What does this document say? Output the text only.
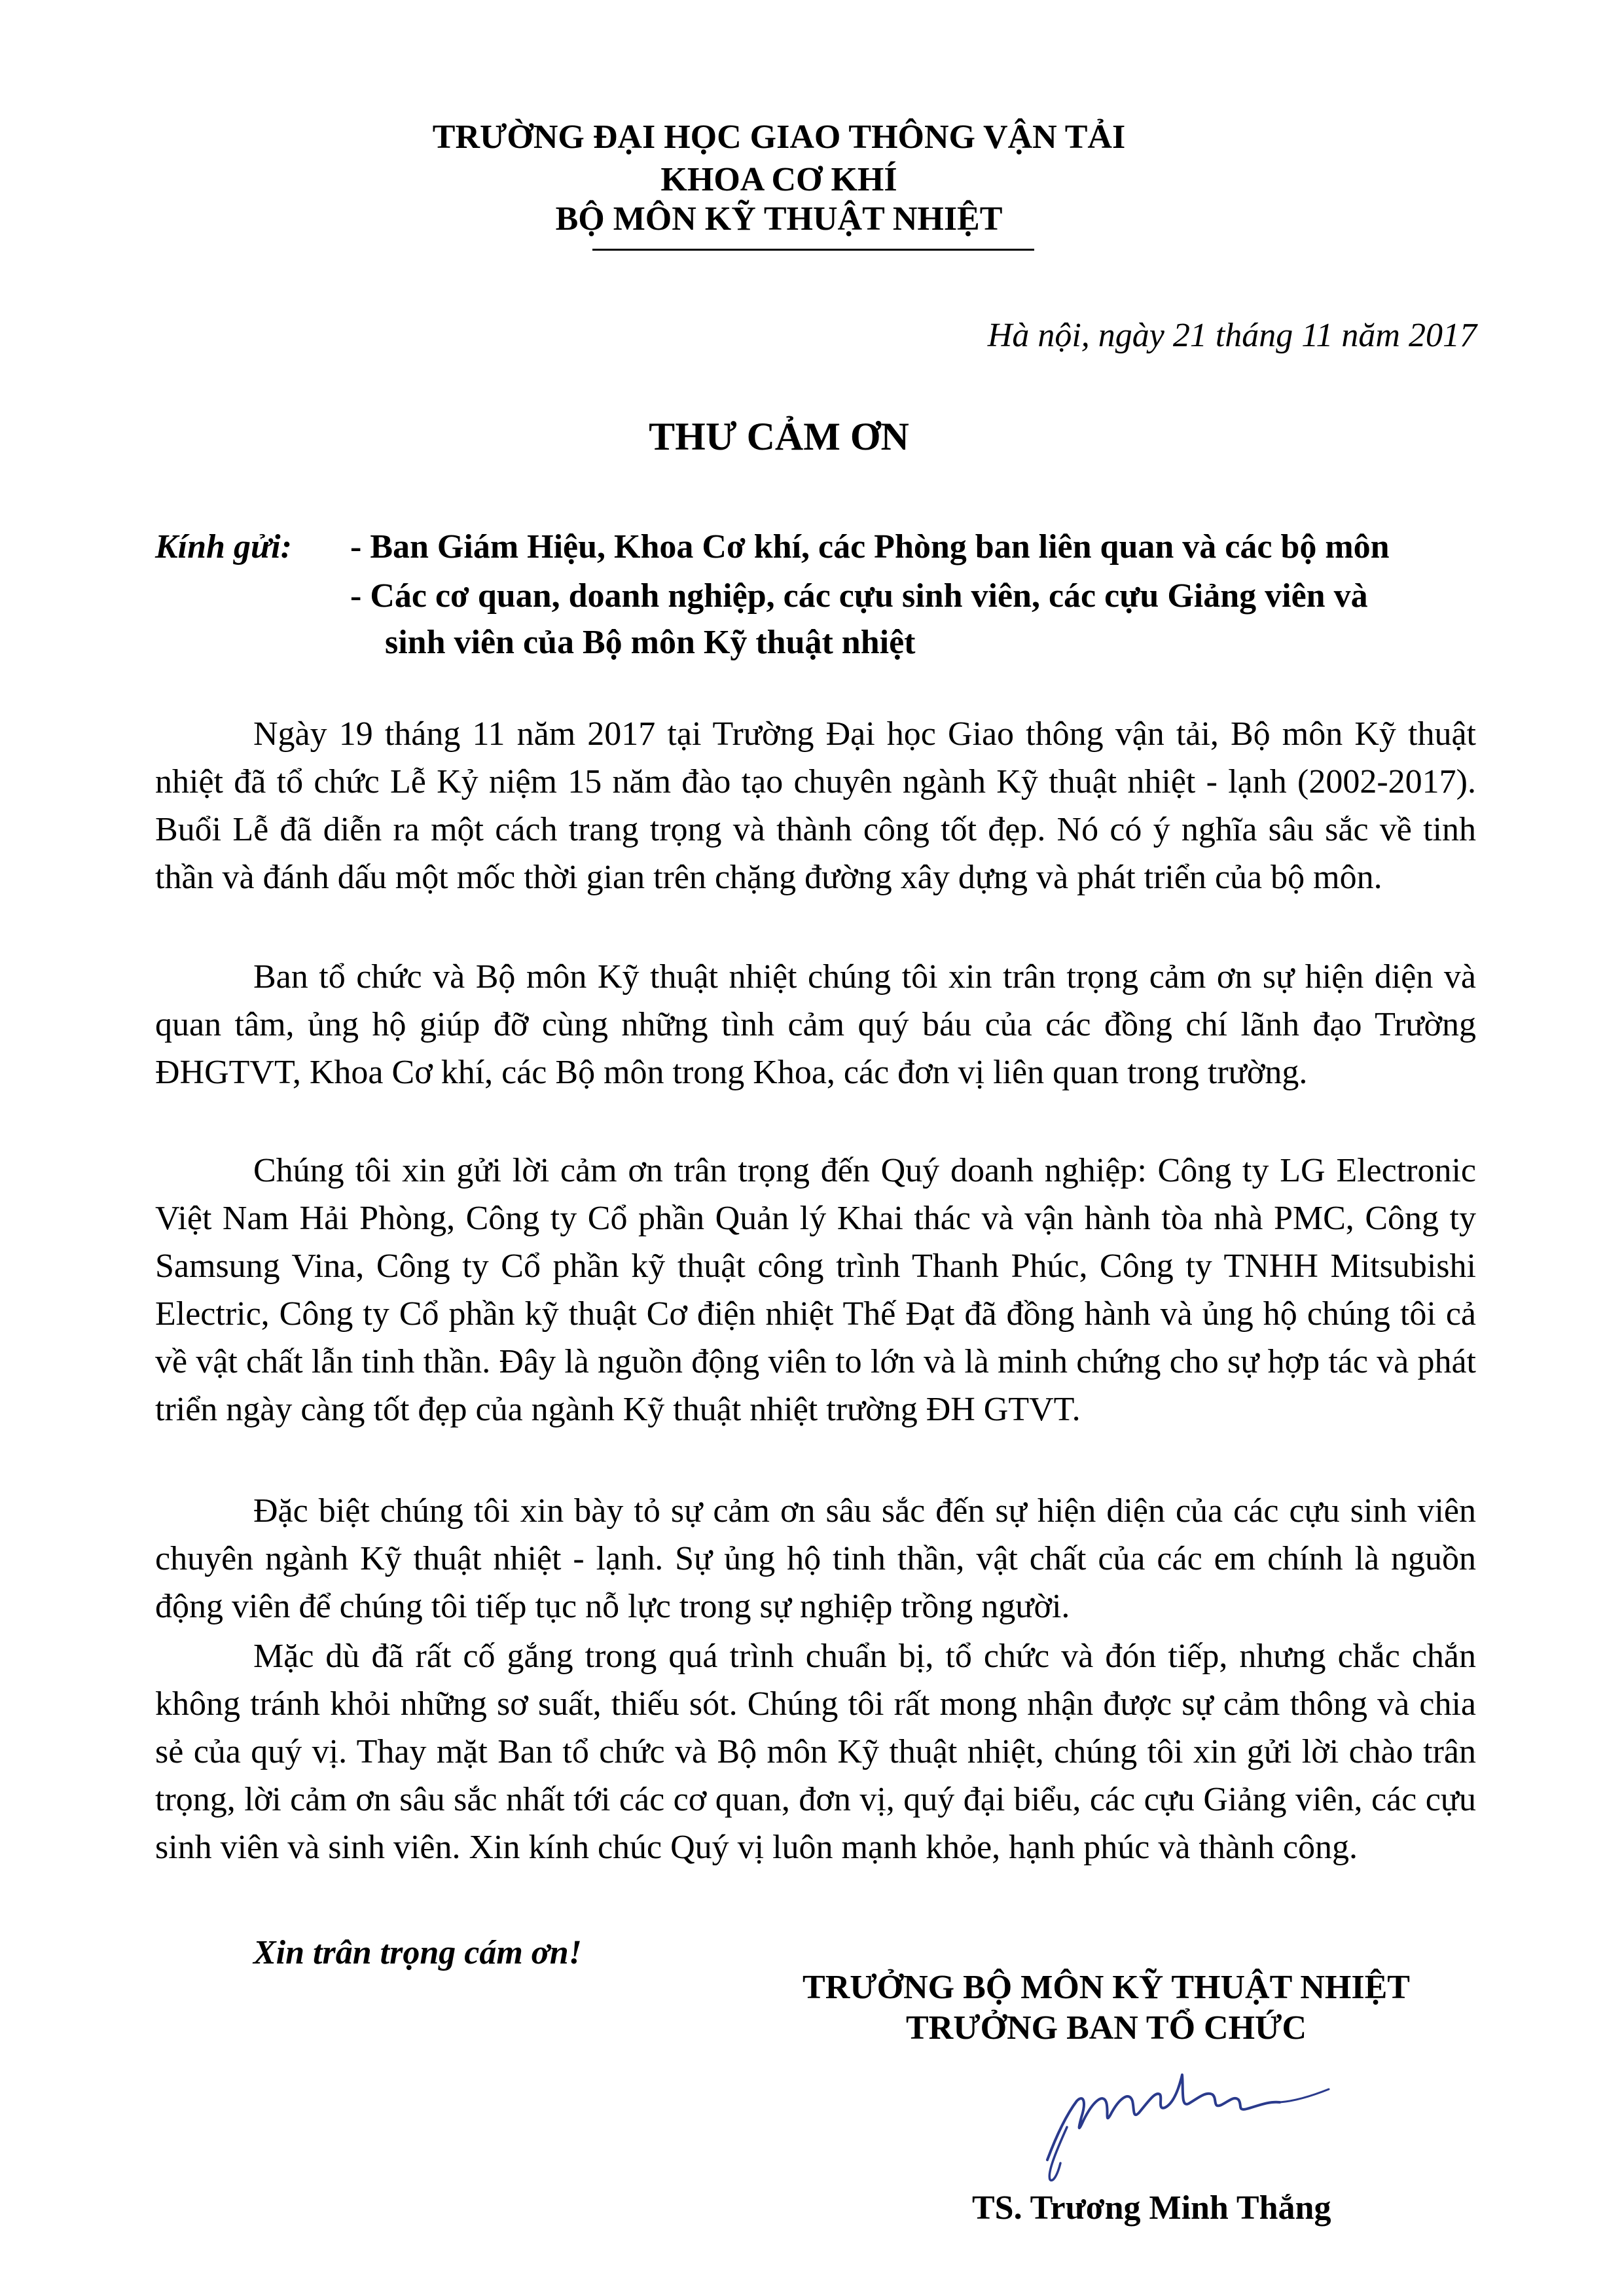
TRƯỜNG ĐẠI HỌC GIAO THÔNG VẬN TẢI
KHOA CƠ KHÍ
BỘ MÔN KỸ THUẬT NHIỆT
Hà nội, ngày 21 tháng 11 năm 2017
THƯ CẢM ƠN
Kính gửi: - Ban Giám Hiệu, Khoa Cơ khí, các Phòng ban liên quan và các bộ môn
- Các cơ quan, doanh nghiệp, các cựu sinh viên, các cựu Giảng viên và
sinh viên của Bộ môn Kỹ thuật nhiệt
Ngày 19 tháng 11 năm 2017 tại Trường Đại học Giao thông vận tải, Bộ môn Kỹ thuật nhiệt đã tổ chức Lễ Kỷ niệm 15 năm đào tạo chuyên ngành Kỹ thuật nhiệt - lạnh (2002-2017). Buổi Lễ đã diễn ra một cách trang trọng và thành công tốt đẹp. Nó có ý nghĩa sâu sắc về tinh thần và đánh dấu một mốc thời gian trên chặng đường xây dựng và phát triển của bộ môn.
Ban tổ chức và Bộ môn Kỹ thuật nhiệt chúng tôi xin trân trọng cảm ơn sự hiện diện và quan tâm, ủng hộ giúp đỡ cùng những tình cảm quý báu của các đồng chí lãnh đạo Trường ĐHGTVT, Khoa Cơ khí, các Bộ môn trong Khoa, các đơn vị liên quan trong trường.
Chúng tôi xin gửi lời cảm ơn trân trọng đến Quý doanh nghiệp: Công ty LG Electronic Việt Nam Hải Phòng, Công ty Cổ phần Quản lý Khai thác và vận hành tòa nhà PMC, Công ty Samsung Vina, Công ty Cổ phần kỹ thuật công trình Thanh Phúc, Công ty TNHH Mitsubishi Electric, Công ty Cổ phần kỹ thuật Cơ điện nhiệt Thế Đạt đã đồng hành và ủng hộ chúng tôi cả về vật chất lẫn tinh thần. Đây là nguồn động viên to lớn và là minh chứng cho sự hợp tác và phát triển ngày càng tốt đẹp của ngành Kỹ thuật nhiệt trường ĐH GTVT.
Đặc biệt chúng tôi xin bày tỏ sự cảm ơn sâu sắc đến sự hiện diện của các cựu sinh viên chuyên ngành Kỹ thuật nhiệt - lạnh. Sự ủng hộ tinh thần, vật chất của các em chính là nguồn động viên để chúng tôi tiếp tục nỗ lực trong sự nghiệp trồng người.
Mặc dù đã rất cố gắng trong quá trình chuẩn bị, tổ chức và đón tiếp, nhưng chắc chắn không tránh khỏi những sơ suất, thiếu sót. Chúng tôi rất mong nhận được sự cảm thông và chia sẻ của quý vị. Thay mặt Ban tổ chức và Bộ môn Kỹ thuật nhiệt, chúng tôi xin gửi lời chào trân trọng, lời cảm ơn sâu sắc nhất tới các cơ quan, đơn vị, quý đại biểu, các cựu Giảng viên, các cựu sinh viên và sinh viên. Xin kính chúc Quý vị luôn mạnh khỏe, hạnh phúc và thành công.
Xin trân trọng cám ơn!
TRƯỞNG BỘ MÔN KỸ THUẬT NHIỆT
TRƯỞNG BAN TỔ CHỨC
TS. Trương Minh Thắng
